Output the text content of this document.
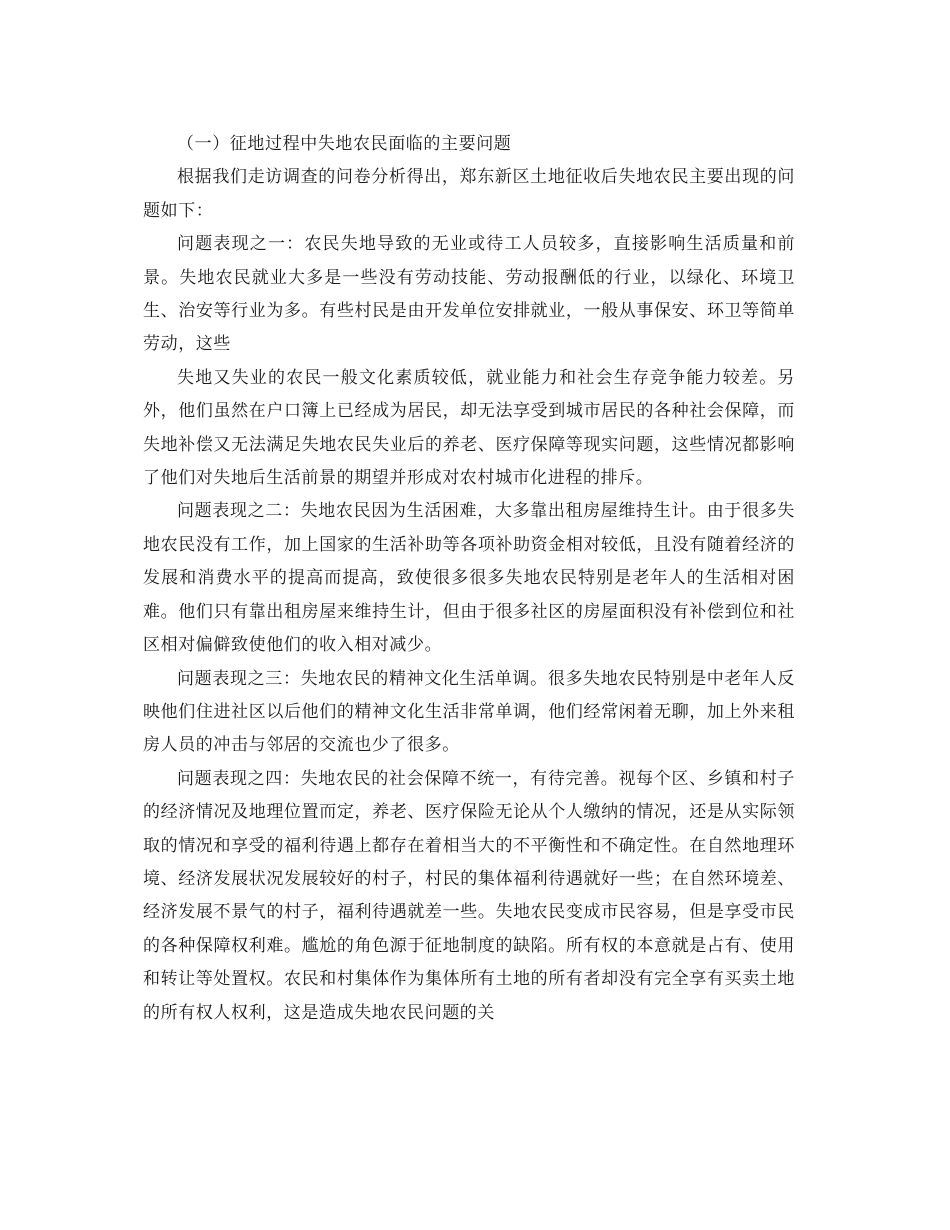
（一）征地过程中失地农民面临的主要问题

根据我们走访调查的问卷分析得出，郑东新区土地征收后失地农民主要出现的问题如下：

问题表现之一：农民失地导致的无业或待工人员较多，直接影响生活质量和前景。失地农民就业大多是一些没有劳动技能、劳动报酬低的行业，以绿化、环境卫生、治安等行业为多。有些村民是由开发单位安排就业，一般从事保安、环卫等简单劳动，这些

失地又失业的农民一般文化素质较低，就业能力和社会生存竞争能力较差。另外，他们虽然在户口簿上已经成为居民，却无法享受到城市居民的各种社会保障，而失地补偿又无法满足失地农民失业后的养老、医疗保障等现实问题，这些情况都影响了他们对失地后生活前景的期望并形成对农村城市化进程的排斥。

问题表现之二：失地农民因为生活困难，大多靠出租房屋维持生计。由于很多失地农民没有工作，加上国家的生活补助等各项补助资金相对较低，且没有随着经济的发展和消费水平的提高而提高，致使很多很多失地农民特别是老年人的生活相对困难。他们只有靠出租房屋来维持生计，但由于很多社区的房屋面积没有补偿到位和社区相对偏僻致使他们的收入相对减少。

问题表现之三：失地农民的精神文化生活单调。很多失地农民特别是中老年人反映他们住进社区以后他们的精神文化生活非常单调，他们经常闲着无聊，加上外来租房人员的冲击与邻居的交流也少了很多。

问题表现之四：失地农民的社会保障不统一，有待完善。视每个区、乡镇和村子的经济情况及地理位置而定，养老、医疗保险无论从个人缴纳的情况，还是从实际领取的情况和享受的福利待遇上都存在着相当大的不平衡性和不确定性。在自然地理环境、经济发展状况发展较好的村子，村民的集体福利待遇就好一些；在自然环境差、经济发展不景气的村子，福利待遇就差一些。失地农民变成市民容易，但是享受市民的各种保障权利难。尴尬的角色源于征地制度的缺陷。所有权的本意就是占有、使用和转让等处置权。农民和村集体作为集体所有土地的所有者却没有完全享有买卖土地的所有权人权利，这是造成失地农民问题的关
